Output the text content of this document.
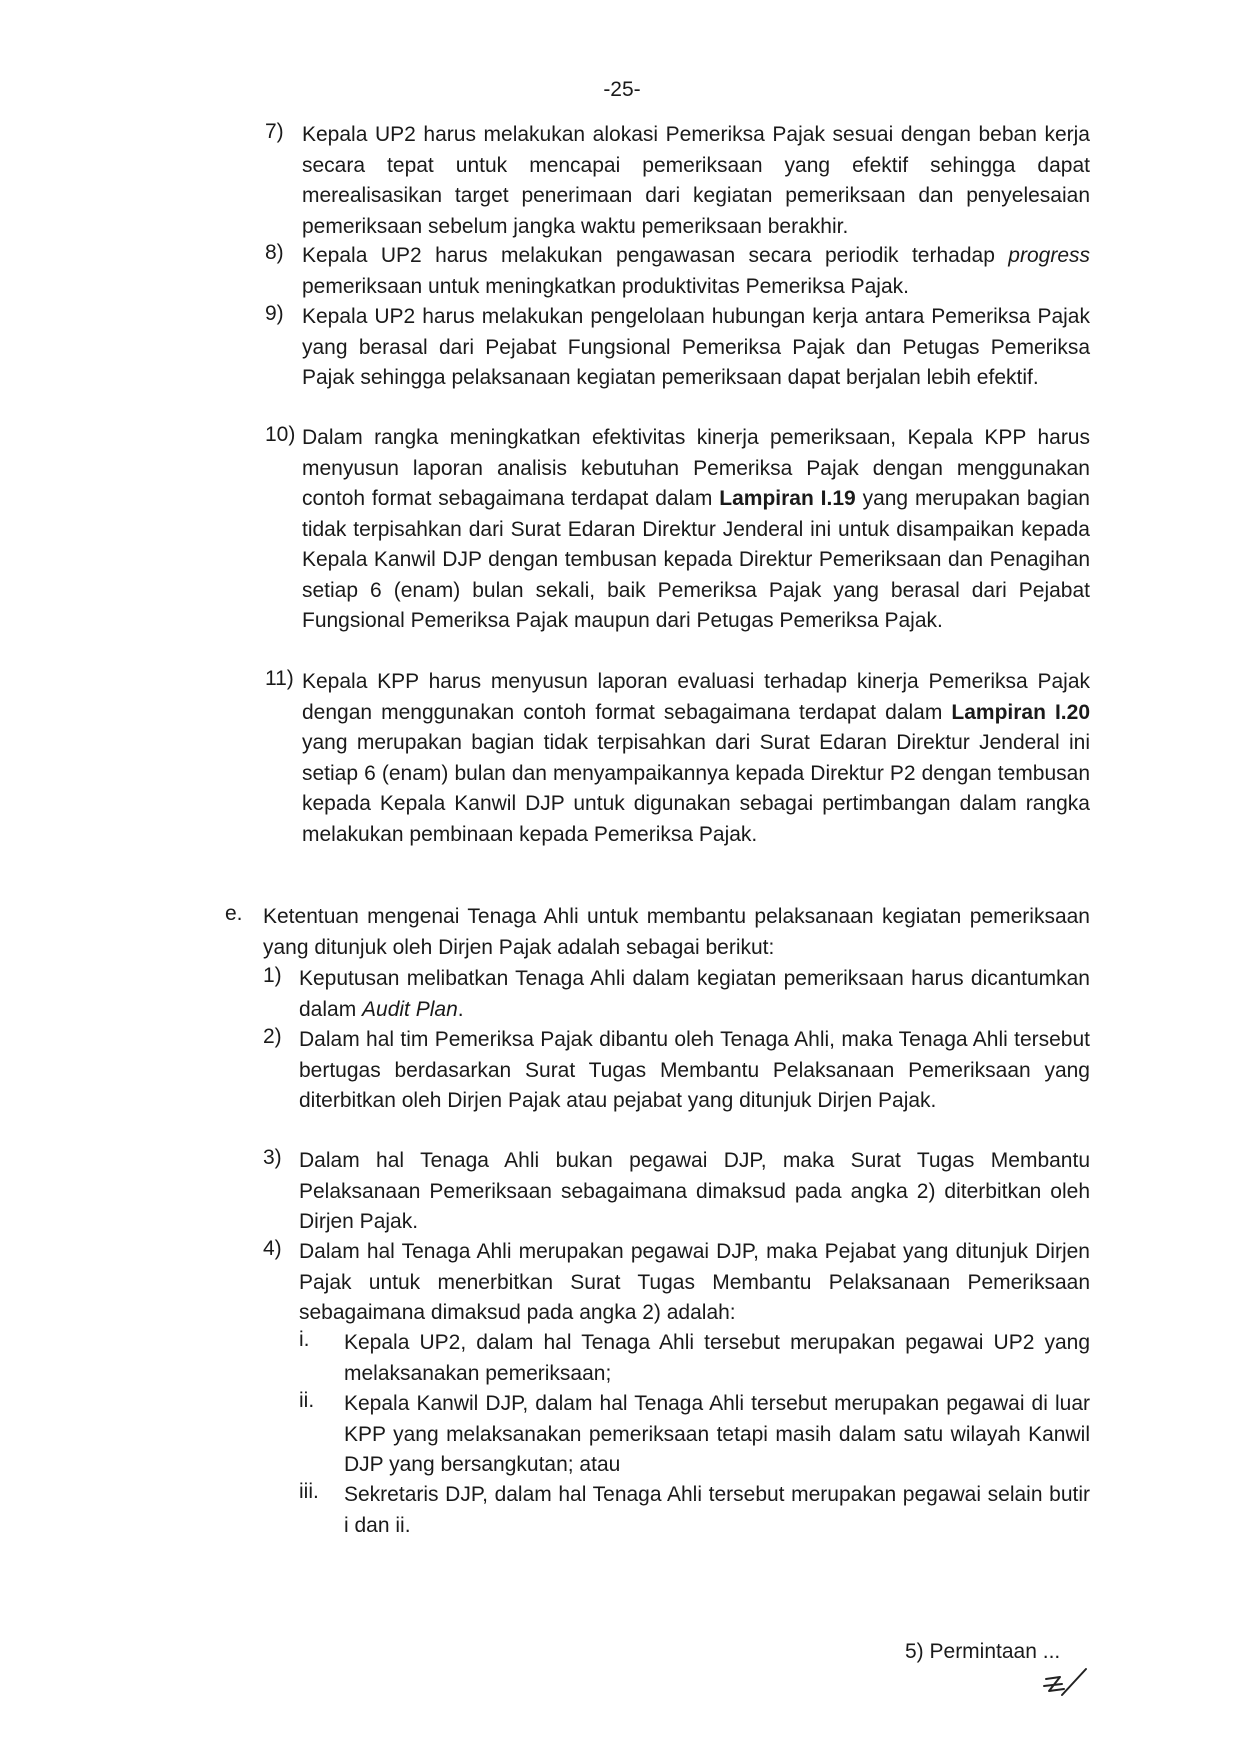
-25-
7) Kepala UP2 harus melakukan alokasi Pemeriksa Pajak sesuai dengan beban kerja secara tepat untuk mencapai pemeriksaan yang efektif sehingga dapat merealisasikan target penerimaan dari kegiatan pemeriksaan dan penyelesaian pemeriksaan sebelum jangka waktu pemeriksaan berakhir.
8) Kepala UP2 harus melakukan pengawasan secara periodik terhadap progress pemeriksaan untuk meningkatkan produktivitas Pemeriksa Pajak.
9) Kepala UP2 harus melakukan pengelolaan hubungan kerja antara Pemeriksa Pajak yang berasal dari Pejabat Fungsional Pemeriksa Pajak dan Petugas Pemeriksa Pajak sehingga pelaksanaan kegiatan pemeriksaan dapat berjalan lebih efektif.
10) Dalam rangka meningkatkan efektivitas kinerja pemeriksaan, Kepala KPP harus menyusun laporan analisis kebutuhan Pemeriksa Pajak dengan menggunakan contoh format sebagaimana terdapat dalam Lampiran I.19 yang merupakan bagian tidak terpisahkan dari Surat Edaran Direktur Jenderal ini untuk disampaikan kepada Kepala Kanwil DJP dengan tembusan kepada Direktur Pemeriksaan dan Penagihan setiap 6 (enam) bulan sekali, baik Pemeriksa Pajak yang berasal dari Pejabat Fungsional Pemeriksa Pajak maupun dari Petugas Pemeriksa Pajak.
11) Kepala KPP harus menyusun laporan evaluasi terhadap kinerja Pemeriksa Pajak dengan menggunakan contoh format sebagaimana terdapat dalam Lampiran I.20 yang merupakan bagian tidak terpisahkan dari Surat Edaran Direktur Jenderal ini setiap 6 (enam) bulan dan menyampaikannya kepada Direktur P2 dengan tembusan kepada Kepala Kanwil DJP untuk digunakan sebagai pertimbangan dalam rangka melakukan pembinaan kepada Pemeriksa Pajak.
e. Ketentuan mengenai Tenaga Ahli untuk membantu pelaksanaan kegiatan pemeriksaan yang ditunjuk oleh Dirjen Pajak adalah sebagai berikut:
1) Keputusan melibatkan Tenaga Ahli dalam kegiatan pemeriksaan harus dicantumkan dalam Audit Plan.
2) Dalam hal tim Pemeriksa Pajak dibantu oleh Tenaga Ahli, maka Tenaga Ahli tersebut bertugas berdasarkan Surat Tugas Membantu Pelaksanaan Pemeriksaan yang diterbitkan oleh Dirjen Pajak atau pejabat yang ditunjuk Dirjen Pajak.
3) Dalam hal Tenaga Ahli bukan pegawai DJP, maka Surat Tugas Membantu Pelaksanaan Pemeriksaan sebagaimana dimaksud pada angka 2) diterbitkan oleh Dirjen Pajak.
4) Dalam hal Tenaga Ahli merupakan pegawai DJP, maka Pejabat yang ditunjuk Dirjen Pajak untuk menerbitkan Surat Tugas Membantu Pelaksanaan Pemeriksaan sebagaimana dimaksud pada angka 2) adalah:
i.	Kepala UP2, dalam hal Tenaga Ahli tersebut merupakan pegawai UP2 yang melaksanakan pemeriksaan;
ii.	Kepala Kanwil DJP, dalam hal Tenaga Ahli tersebut merupakan pegawai di luar KPP yang melaksanakan pemeriksaan tetapi masih dalam satu wilayah Kanwil DJP yang bersangkutan; atau
iii.	Sekretaris DJP, dalam hal Tenaga Ahli tersebut merupakan pegawai selain butir i dan ii.
5) Permintaan ...
